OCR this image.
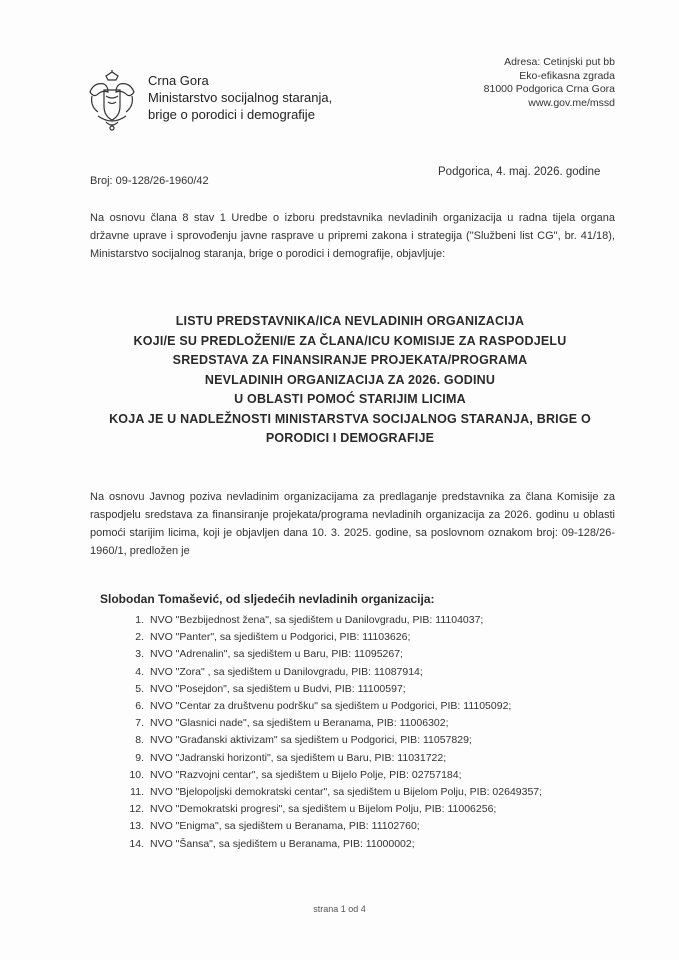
Crna Gora
Ministarstvo socijalnog staranja,
brige o porodici i demografije
Adresa: Cetinjski put bb
Eko-efikasna zgrada
81000 Podgorica Crna Gora
www.gov.me/mssd
Broj: 09-128/26-1960/42
Podgorica, 4. maj. 2026. godine
Na osnovu člana 8 stav 1 Uredbe o izboru predstavnika nevladinih organizacija u radna tijela organa državne uprave i sprovođenju javne rasprave u pripremi zakona i strategija ("Službeni list CG", br. 41/18), Ministarstvo socijalnog staranja, brige o porodici i demografije, objavljuje:
LISTU PREDSTAVNIKA/ICA NEVLADINIH ORGANIZACIJA
KOJI/E SU PREDLOŽENI/E ZA ČLANA/ICU KOMISIJE ZA RASPODJELU
SREDSTAVA ZA FINANSIRANJE PROJEKATA/PROGRAMA
NEVLADINIH ORGANIZACIJA ZA 2026. GODINU
U OBLASTI POMOĆ STARIJIM LICIMA
KOJA JE U NADLEŽNOSTI MINISTARSTVA SOCIJALNOG STARANJA, BRIGE O
PORODICI I DEMOGRAFIJE
Na osnovu Javnog poziva nevladinim organizacijama za predlaganje predstavnika za člana Komisije za raspodjelu sredstava za finansiranje projekata/programa nevladinih organizacija za 2026. godinu u oblasti pomoći starijim licima, koji je objavljen dana 10. 3. 2025. godine, sa poslovnom oznakom broj: 09-128/26-1960/1, predložen je
Slobodan Tomašević, od sljedećih nevladinih organizacija:
1. NVO "Bezbijednost žena", sa sjedištem u Danilovgradu, PIB: 11104037;
2. NVO "Panter", sa sjedištem u Podgorici, PIB: 11103626;
3. NVO "Adrenalin", sa sjedištem u Baru, PIB: 11095267;
4. NVO "Zora" , sa sjedištem u Danilovgradu, PIB: 11087914;
5. NVO "Posejdon", sa sjedištem u Budvi, PIB: 11100597;
6. NVO "Centar za društvenu podršku" sa sjedištem u Podgorici, PIB: 11105092;
7. NVO "Glasnici nade", sa sjedištem u Beranama, PIB: 11006302;
8. NVO "Građanski aktivizam" sa sjedištem u Podgorici, PIB: 11057829;
9. NVO "Jadranski horizonti", sa sjedištem u Baru, PIB: 11031722;
10. NVO "Razvojni centar", sa sjedištem u Bijelo Polje, PIB: 02757184;
11. NVO "Bjelopoljski demokratski centar", sa sjedištem u Bijelom Polju, PIB: 02649357;
12. NVO "Demokratski progresi", sa sjedištem u Bijelom Polju, PIB: 11006256;
13. NVO "Enigma", sa sjedištem u Beranama, PIB: 11102760;
14. NVO "Šansa", sa sjedištem u Beranama, PIB: 11000002;
strana 1 od 4
